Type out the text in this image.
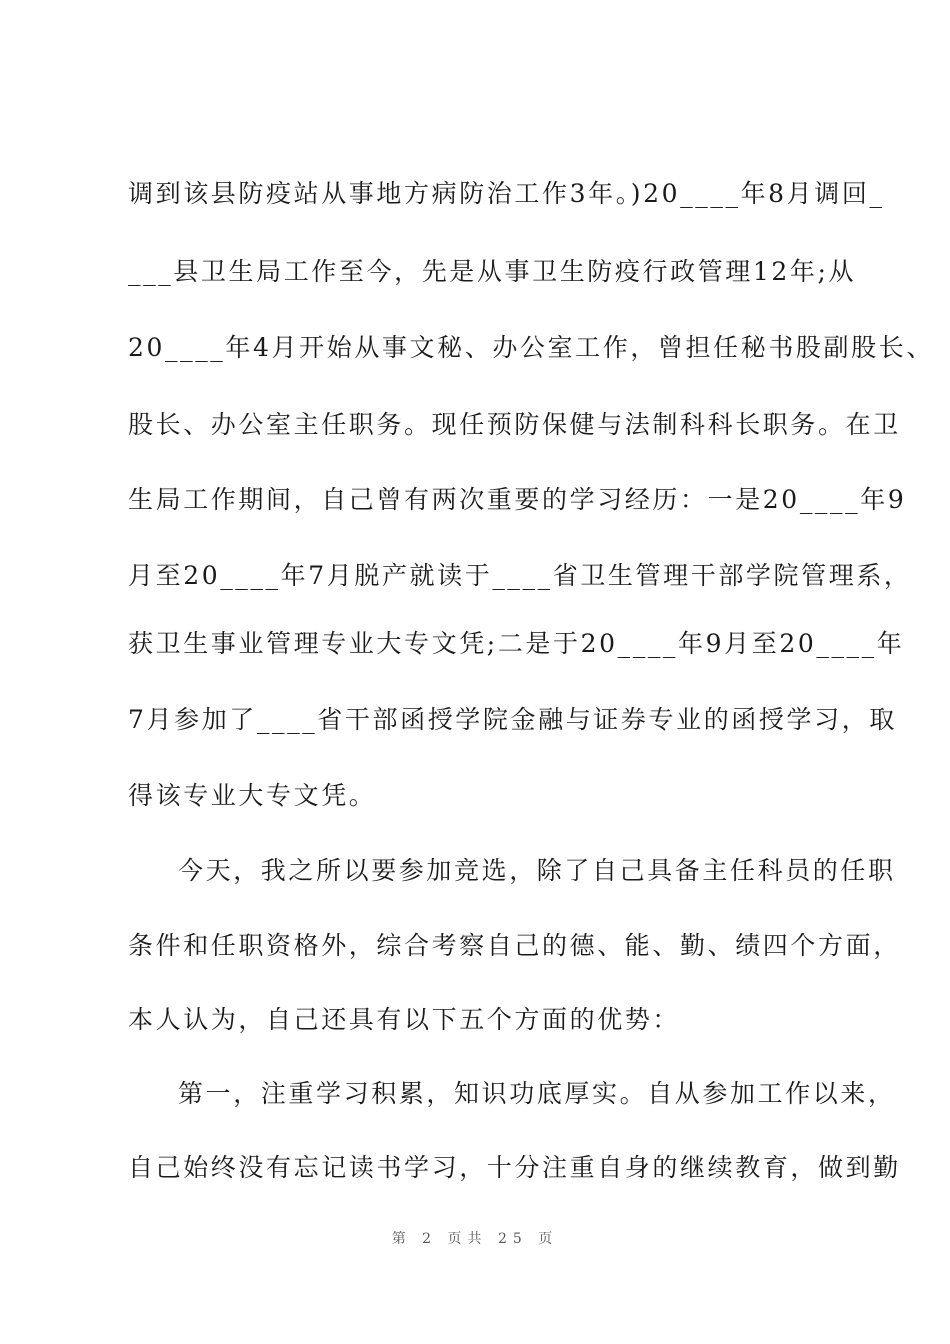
调到该县防疫站从事地方病防治工作3年。)20____年8月调回_
___县卫生局工作至今，先是从事卫生防疫行政管理12年;从
20____年4月开始从事文秘、办公室工作，曾担任秘书股副股长、
股长、办公室主任职务。现任预防保健与法制科科长职务。在卫
生局工作期间，自己曾有两次重要的学习经历：一是20____年9
月至20____年7月脱产就读于____省卫生管理干部学院管理系，
获卫生事业管理专业大专文凭;二是于20____年9月至20____年
7月参加了____省干部函授学院金融与证券专业的函授学习，取
得该专业大专文凭。
今天，我之所以要参加竞选，除了自己具备主任科员的任职
条件和任职资格外，综合考察自己的德、能、勤、绩四个方面，
本人认为，自己还具有以下五个方面的优势：
第一，注重学习积累，知识功底厚实。自从参加工作以来，
自己始终没有忘记读书学习，十分注重自身的继续教育，做到勤
第 2 页共 25 页
